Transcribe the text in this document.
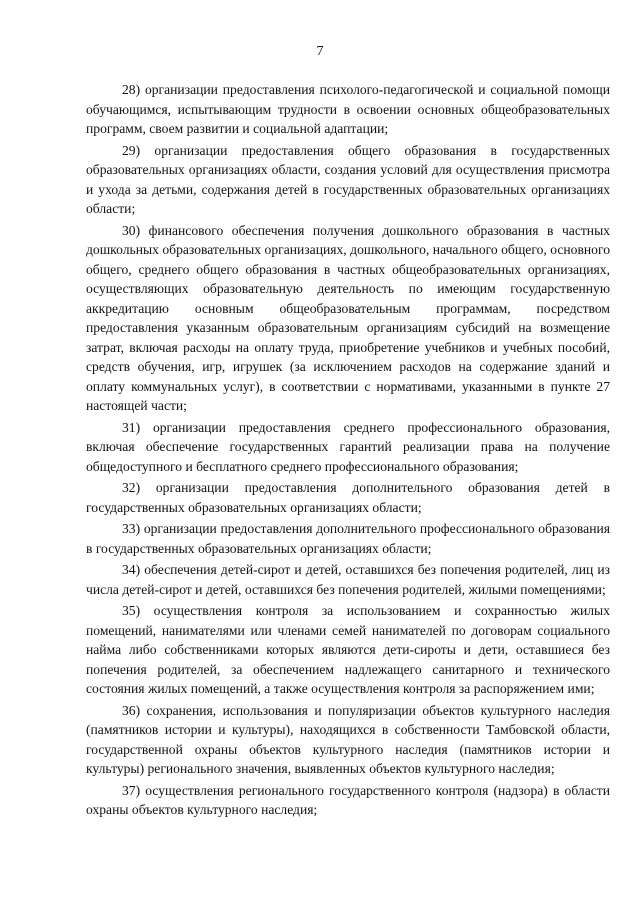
7

28) организации предоставления психолого-педагогической и социальной помощи обучающимся, испытывающим трудности в освоении основных общеобразовательных программ, своем развитии и социальной адаптации;

29) организации предоставления общего образования в государственных образовательных организациях области, создания условий для осуществления присмотра и ухода за детьми, содержания детей в государственных образовательных организациях области;

30) финансового обеспечения получения дошкольного образования в частных дошкольных образовательных организациях, дошкольного, начального общего, основного общего, среднего общего образования в частных общеобразовательных организациях, осуществляющих образовательную деятельность по имеющим государственную аккредитацию основным общеобразовательным программам, посредством предоставления указанным образовательным организациям субсидий на возмещение затрат, включая расходы на оплату труда, приобретение учебников и учебных пособий, средств обучения, игр, игрушек (за исключением расходов на содержание зданий и оплату коммунальных услуг), в соответствии с нормативами, указанными в пункте 27 настоящей части;

31) организации предоставления среднего профессионального образования, включая обеспечение государственных гарантий реализации права на получение общедоступного и бесплатного среднего профессионального образования;

32) организации предоставления дополнительного образования детей в государственных образовательных организациях области;

33) организации предоставления дополнительного профессионального образования в государственных образовательных организациях области;

34) обеспечения детей-сирот и детей, оставшихся без попечения родителей, лиц из числа детей-сирот и детей, оставшихся без попечения родителей, жилыми помещениями;

35) осуществления контроля за использованием и сохранностью жилых помещений, нанимателями или членами семей нанимателей по договорам социального найма либо собственниками которых являются дети-сироты и дети, оставшиеся без попечения родителей, за обеспечением надлежащего санитарного и технического состояния жилых помещений, а также осуществления контроля за распоряжением ими;

36) сохранения, использования и популяризации объектов культурного наследия (памятников истории и культуры), находящихся в собственности Тамбовской области, государственной охраны объектов культурного наследия (памятников истории и культуры) регионального значения, выявленных объектов культурного наследия;

37) осуществления регионального государственного контроля (надзора) в области охраны объектов культурного наследия;
